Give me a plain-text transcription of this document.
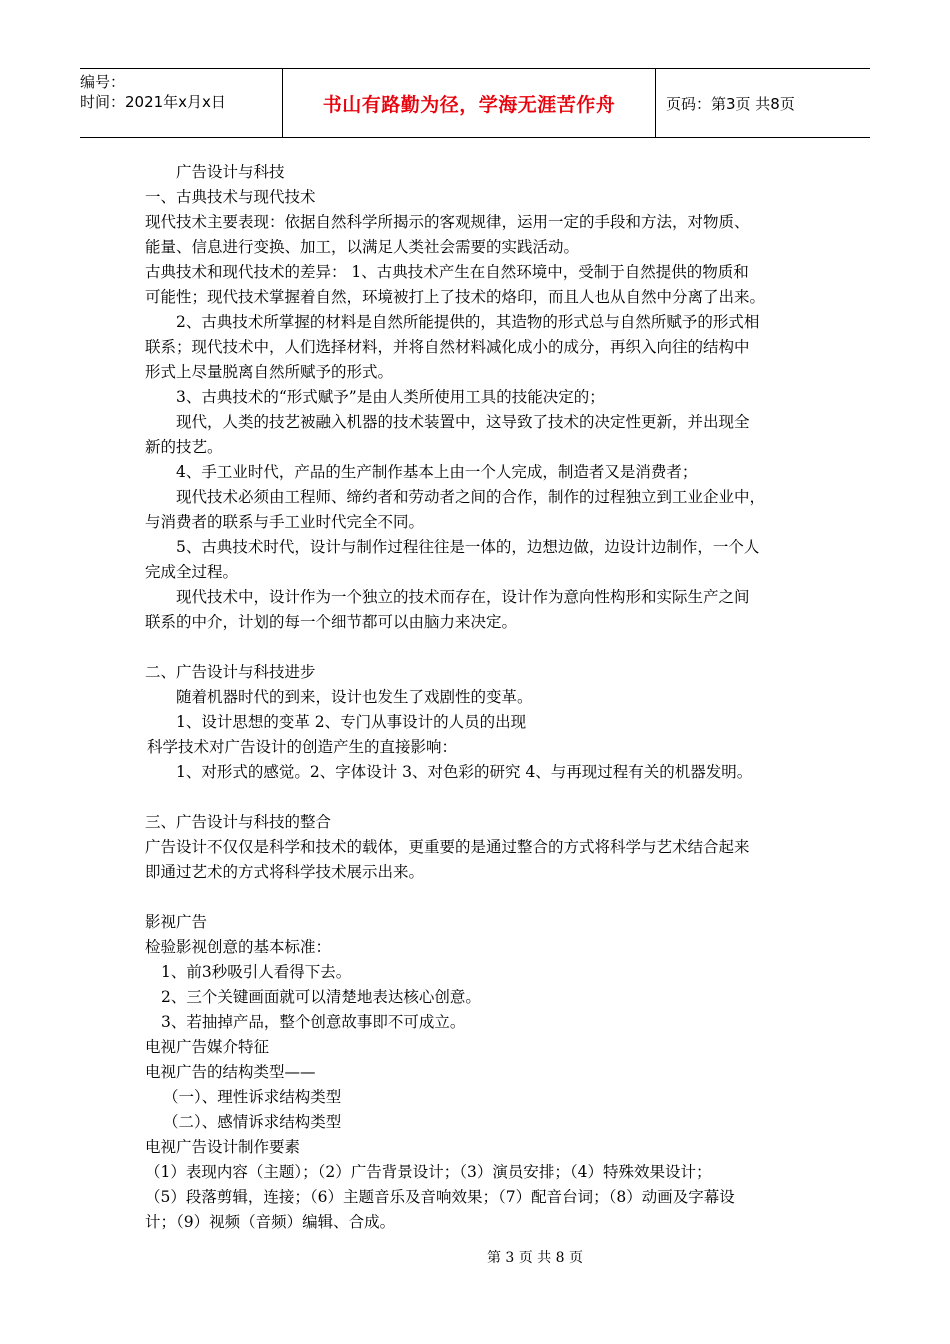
编号：
时间：2021年x月x日	书山有路勤为径，学海无涯苦作舟	页码：第3页 共8页
广告设计与科技
一、古典技术与现代技术
现代技术主要表现：依据自然科学所揭示的客观规律，运用一定的手段和方法，对物质、
能量、信息进行变换、加工，以满足人类社会需要的实践活动。
古典技术和现代技术的差异： 1、古典技术产生在自然环境中，受制于自然提供的物质和
可能性；现代技术掌握着自然，环境被打上了技术的烙印，而且人也从自然中分离了出来。
2、古典技术所掌握的材料是自然所能提供的，其造物的形式总与自然所赋予的形式相
联系；现代技术中，人们选择材料，并将自然材料减化成小的成分，再织入向往的结构中
形式上尽量脱离自然所赋予的形式。
3、古典技术的“形式赋予”是由人类所使用工具的技能决定的；
现代，人类的技艺被融入机器的技术装置中，这导致了技术的决定性更新，并出现全
新的技艺。
4、手工业时代，产品的生产制作基本上由一个人完成，制造者又是消费者；
现代技术必须由工程师、缔约者和劳动者之间的合作，制作的过程独立到工业企业中，
与消费者的联系与手工业时代完全不同。
5、古典技术时代，设计与制作过程往往是一体的，边想边做，边设计边制作，一个人
完成全过程。
现代技术中，设计作为一个独立的技术而存在，设计作为意向性构形和实际生产之间
联系的中介，计划的每一个细节都可以由脑力来决定。
二、广告设计与科技进步
随着机器时代的到来，设计也发生了戏剧性的变革。
1、设计思想的变革 2、专门从事设计的人员的出现
科学技术对广告设计的创造产生的直接影响：
1、对形式的感觉。2、字体设计 3、对色彩的研究 4、与再现过程有关的机器发明。
三、广告设计与科技的整合
广告设计不仅仅是科学和技术的载体，更重要的是通过整合的方式将科学与艺术结合起来
即通过艺术的方式将科学技术展示出来。
影视广告
检验影视创意的基本标准：
1、前3秒吸引人看得下去。
2、三个关键画面就可以清楚地表达核心创意。
3、若抽掉产品，整个创意故事即不可成立。
电视广告媒介特征
电视广告的结构类型——
（一）、理性诉求结构类型
（二）、感情诉求结构类型
电视广告设计制作要素
（1）表现内容（主题）；（2）广告背景设计；（3）演员安排；（4）特殊效果设计；
（5）段落剪辑，连接；（6）主题音乐及音响效果；（7）配音台词；（8）动画及字幕设
计；（9）视频（音频）编辑、合成。
第 3 页 共 8 页
